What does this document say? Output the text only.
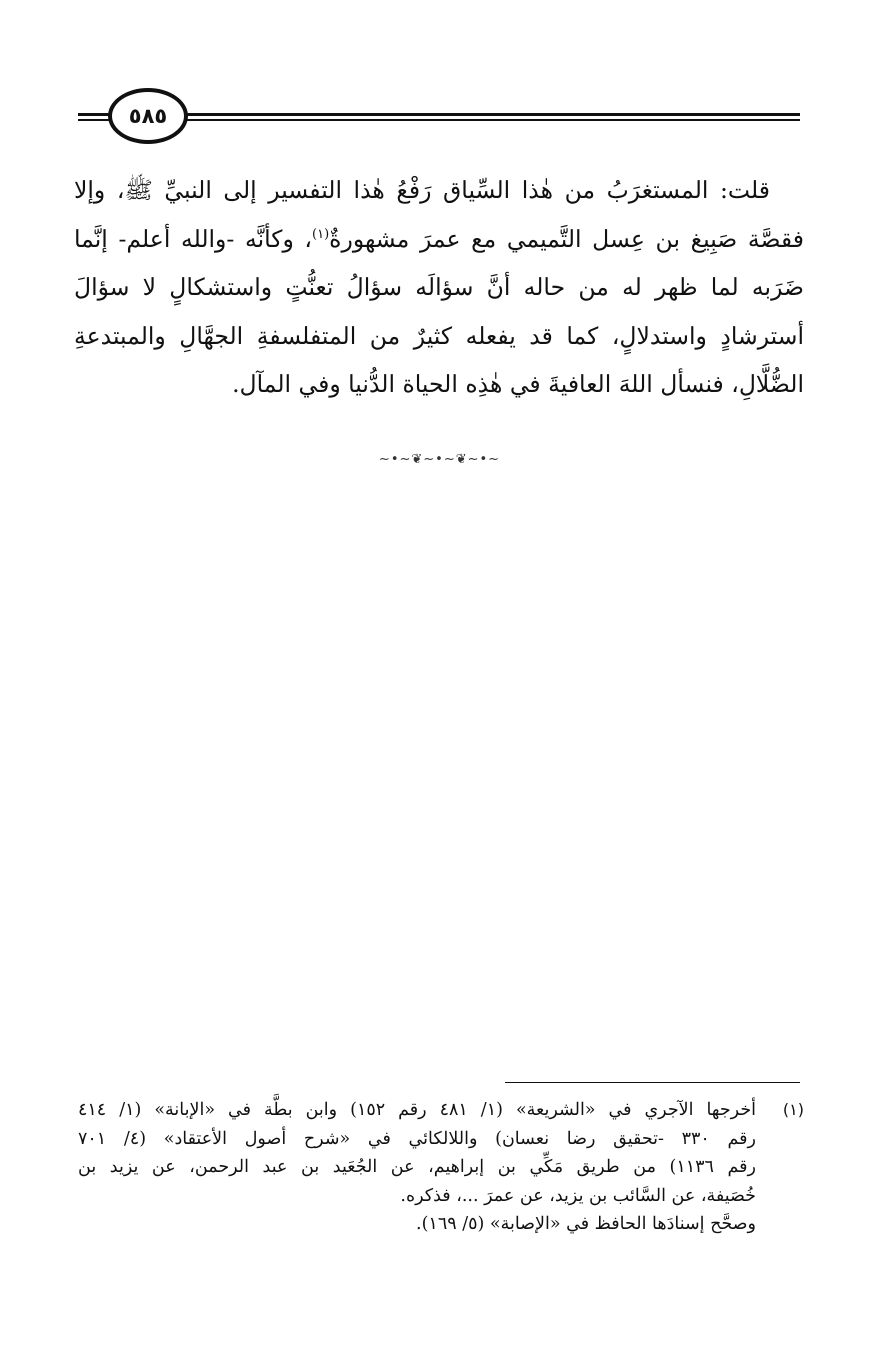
٥٨٥
قلت: المستغرَبُ من هٰذا السِّياق رَفْعُ هٰذا التفسير إلى النبيِّ ﷺ، وإلا
فقصَّة صَبِيغ بن عِسل التَّميمي مع عمرَ مشهورةٌ$^{(١)}$، وكأنَّه -والله أعلم- إنَّما
ضَرَبه لما ظهر له من حاله أنَّ سؤالَه سؤالُ تعنُّتٍ واستشكالٍ لا سؤالَ
أسترشادٍ واستدلالٍ، كما قد يفعله كثيرٌ من المتفلسفةِ الجهَّالِ والمبتدعةِ
الضُّلَّالِ، فنسأل اللهَ العافيةَ في هٰذِه الحياة الدُّنيا وفي المآل.
~•~❦~•~❦~•~
(١)
أخرجها الآجري في «الشريعة» (١/ ٤٨١ رقم ١٥٢) وابن بطَّة في «الإبانة» (١/ ٤١٤
رقم ٣٣٠ -تحقيق رضا نعسان) واللالكائي في «شرح أصول الأعتقاد» (٤/ ٧٠١
رقم ١١٣٦) من طريق مَكِّي بن إبراهيم، عن الجُعَيد بن عبد الرحمن، عن يزيد بن
خُصَيفة، عن السَّائب بن يزيد، عن عمرَ ...، فذكره.
وصحَّح إسنادَها الحافظ في «الإصابة» (٥/ ١٦٩).
